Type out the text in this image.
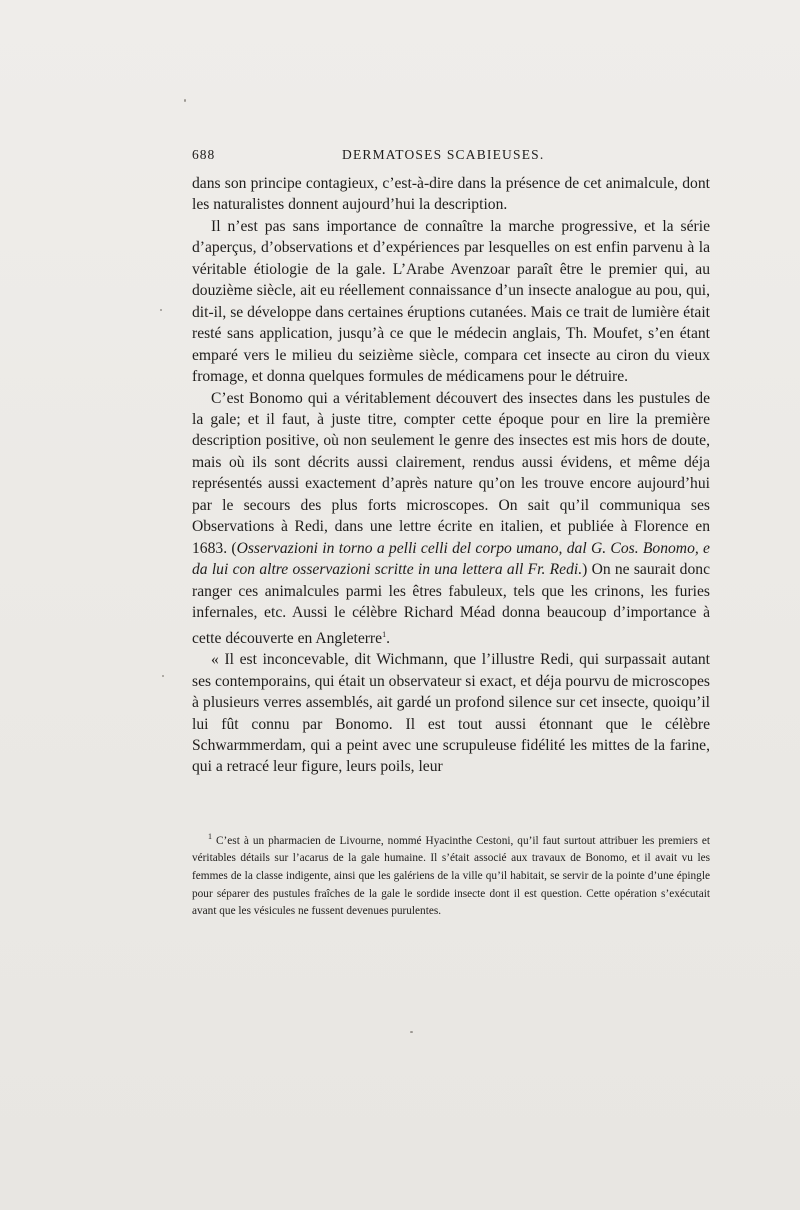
688	DERMATOSES SCABIEUSES.

dans son principe contagieux, c’est-à-dire dans la présence de cet animalcule, dont les naturalistes donnent aujourd’hui la description.

Il n’est pas sans importance de connaître la marche progressive, et la série d’aperçus, d’observations et d’expériences par lesquelles on est enfin parvenu à la véritable étiologie de la gale. L’Arabe Avenzoar paraît être le premier qui, au douzième siècle, ait eu réellement connaissance d’un insecte analogue au pou, qui, dit-il, se développe dans certaines éruptions cutanées. Mais ce trait de lumière était resté sans application, jusqu’à ce que le médecin anglais, Th. Moufet, s’en étant emparé vers le milieu du seizième siècle, compara cet insecte au ciron du vieux fromage, et donna quelques formules de médicamens pour le détruire.

C’est Bonomo qui a véritablement découvert des insectes dans les pustules de la gale; et il faut, à juste titre, compter cette époque pour en lire la première description positive, où non seulement le genre des insectes est mis hors de doute, mais où ils sont décrits aussi clairement, rendus aussi évidens, et même déja représentés aussi exactement d’après nature qu’on les trouve encore aujourd’hui par le secours des plus forts microscopes. On sait qu’il communiqua ses Observations à Redi, dans une lettre écrite en italien, et publiée à Florence en 1683. (Osservazioni in torno a pelli celli del corpo umano, dal G. Cos. Bonomo, e da lui con altre osservazioni scritte in una lettera all Fr. Redi.) On ne saurait donc ranger ces animalcules parmi les êtres fabuleux, tels que les crinons, les furies infernales, etc. Aussi le célèbre Richard Méad donna beaucoup d’importance à cette découverte en Angleterre$^1$.

« Il est inconcevable, dit Wichmann, que l’illustre Redi, qui surpassait autant ses contemporains, qui était un observateur si exact, et déja pourvu de microscopes à plusieurs verres assemblés, ait gardé un profond silence sur cet insecte, quoiqu’il lui fût connu par Bonomo. Il est tout aussi étonnant que le célèbre Schwarmmerdam, qui a peint avec une scrupuleuse fidélité les mittes de la farine, qui a retracé leur figure, leurs poils, leur

$^1$ C’est à un pharmacien de Livourne, nommé Hyacinthe Cestoni, qu’il faut surtout attribuer les premiers et véritables détails sur l’acarus de la gale humaine. Il s’était associé aux travaux de Bonomo, et il avait vu les femmes de la classe indigente, ainsi que les galériens de la ville qu’il habitait, se servir de la pointe d’une épingle pour séparer des pustules fraîches de la gale le sordide insecte dont il est question. Cette opération s’exécutait avant que les vésicules ne fussent devenues purulentes.
